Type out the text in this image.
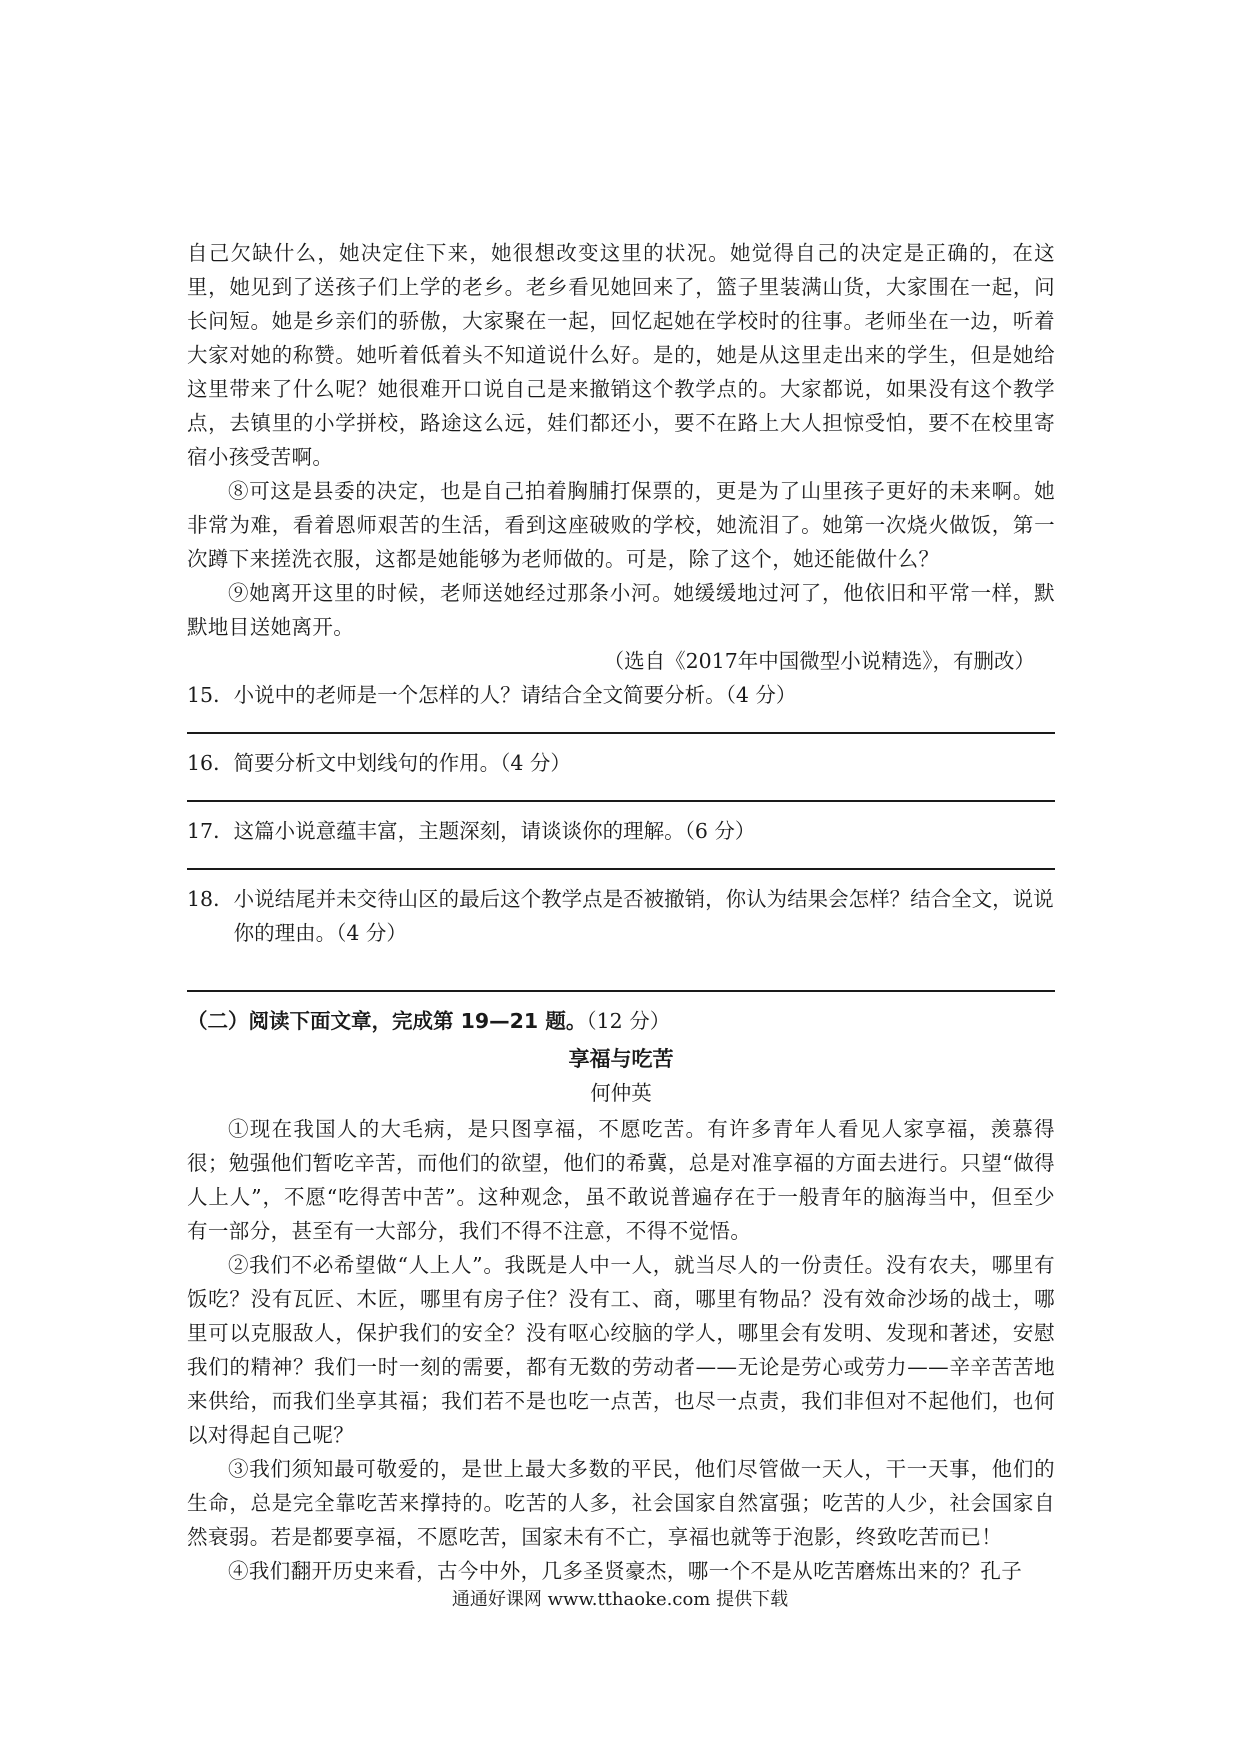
自己欠缺什么，她决定住下来，她很想改变这里的状况。她觉得自己的决定是正确的，在这里，她见到了送孩子们上学的老乡。老乡看见她回来了，篮子里装满山货，大家围在一起，问长问短。她是乡亲们的骄傲，大家聚在一起，回忆起她在学校时的往事。老师坐在一边，听着大家对她的称赞。她听着低着头不知道说什么好。是的，她是从这里走出来的学生，但是她给这里带来了什么呢？她很难开口说自己是来撤销这个教学点的。大家都说，如果没有这个教学点，去镇里的小学拼校，路途这么远，娃们都还小，要不在路上大人担惊受怕，要不在校里寄宿小孩受苦啊。

⑧可这是县委的决定，也是自己拍着胸脯打保票的，更是为了山里孩子更好的未来啊。她非常为难，看着恩师艰苦的生活，看到这座破败的学校，她流泪了。她第一次烧火做饭，第一次蹲下来搓洗衣服，这都是她能够为老师做的。可是，除了这个，她还能做什么？

⑨她离开这里的时候，老师送她经过那条小河。她缓缓地过河了，他依旧和平常一样，默默地目送她离开。

（选自《2017年中国微型小说精选》，有删改）

15． 小说中的老师是一个怎样的人？请结合全文简要分析。（4 分）
16． 简要分析文中划线句的作用。（4 分）
17． 这篇小说意蕴丰富，主题深刻，请谈谈你的理解。（6 分）
18． 小说结尾并未交待山区的最后这个教学点是否被撤销，你认为结果会怎样？结合全文，说说你的理由。（4 分）

（二）阅读下面文章，完成第 19—21 题。（12 分）

享福与吃苦

何仲英

①现在我国人的大毛病，是只图享福，不愿吃苦。有许多青年人看见人家享福，羡慕得很；勉强他们暂吃辛苦，而他们的欲望，他们的希冀，总是对准享福的方面去进行。只望“做得人上人”，不愿“吃得苦中苦”。这种观念，虽不敢说普遍存在于一般青年的脑海当中，但至少有一部分，甚至有一大部分，我们不得不注意，不得不觉悟。

②我们不必希望做“人上人”。我既是人中一人，就当尽人的一份责任。没有农夫，哪里有饭吃？没有瓦匠、木匠，哪里有房子住？没有工、商，哪里有物品？没有效命沙场的战士，哪里可以克服敌人，保护我们的安全？没有呕心绞脑的学人，哪里会有发明、发现和著述，安慰我们的精神？我们一时一刻的需要，都有无数的劳动者——无论是劳心或劳力——辛辛苦苦地来供给，而我们坐享其福；我们若不是也吃一点苦，也尽一点责，我们非但对不起他们，也何以对得起自己呢？

③我们须知最可敬爱的，是世上最大多数的平民，他们尽管做一天人，干一天事，他们的生命，总是完全靠吃苦来撑持的。吃苦的人多，社会国家自然富强；吃苦的人少，社会国家自然衰弱。若是都要享福，不愿吃苦，国家未有不亡，享福也就等于泡影，终致吃苦而已！

④我们翻开历史来看，古今中外，几多圣贤豪杰，哪一个不是从吃苦磨炼出来的？孔子

通通好课网 www.tthaoke.com 提供下载
